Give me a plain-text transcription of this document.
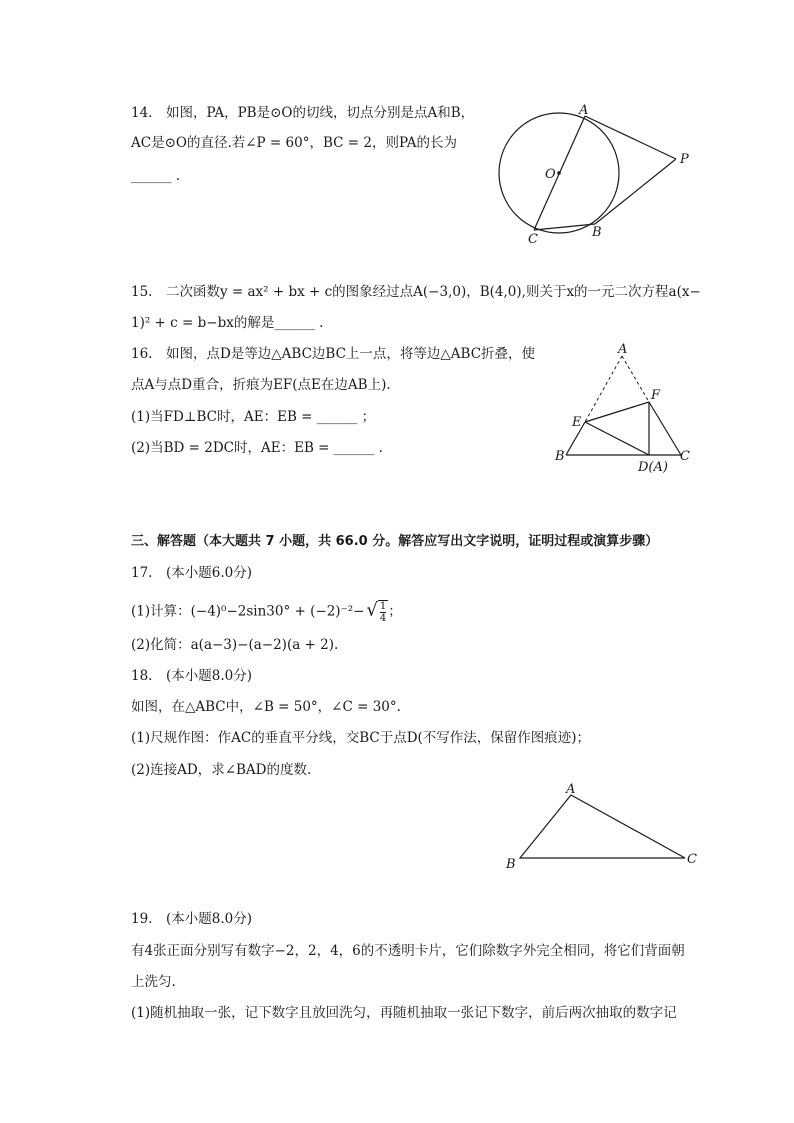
14.　如图，PA，PB是⊙O的切线，切点分别是点A和B，
AC是⊙O的直径.若∠P = 60°，BC = 2，则PA的长为
______ .
A
O
P
C	B
15.　二次函数y = ax² + bx + c的图象经过点A(−3,0)，B(4,0),则关于x的一元二次方程a(x−
1)² + c = b−bx的解是______ .
16.　如图，点D是等边△ABC边BC上一点，将等边△ABC折叠，使
点A与点D重合，折痕为EF(点E在边AB上).
(1)当FD⊥BC时，AE：EB = ______ ；
(2)当BD = 2DC时，AE：EB = ______ .
A
F
E
B
D(A)
C
三、解答题（本大题共 7 小题，共 66.0 分。解答应写出文字说明，证明过程或演算步骤）
17.　(本小题6.0分)
(1)计算：(−4)⁰−2sin30° + (−2)⁻²− √ $\frac{1}{4}$ ；
(2)化简：a(a−3)−(a−2)(a + 2).
18.　(本小题8.0分)
如图，在△ABC中，∠B = 50°，∠C = 30°.
(1)尺规作图：作AC的垂直平分线，交BC于点D(不写作法，保留作图痕迹)；
(2)连接AD，求∠BAD的度数.
A
B	C
19.　(本小题8.0分)
有4张正面分别写有数字−2，2，4，6的不透明卡片，它们除数字外完全相同，将它们背面朝
上洗匀.
(1)随机抽取一张，记下数字且放回洗匀，再随机抽取一张记下数字，前后两次抽取的数字记
